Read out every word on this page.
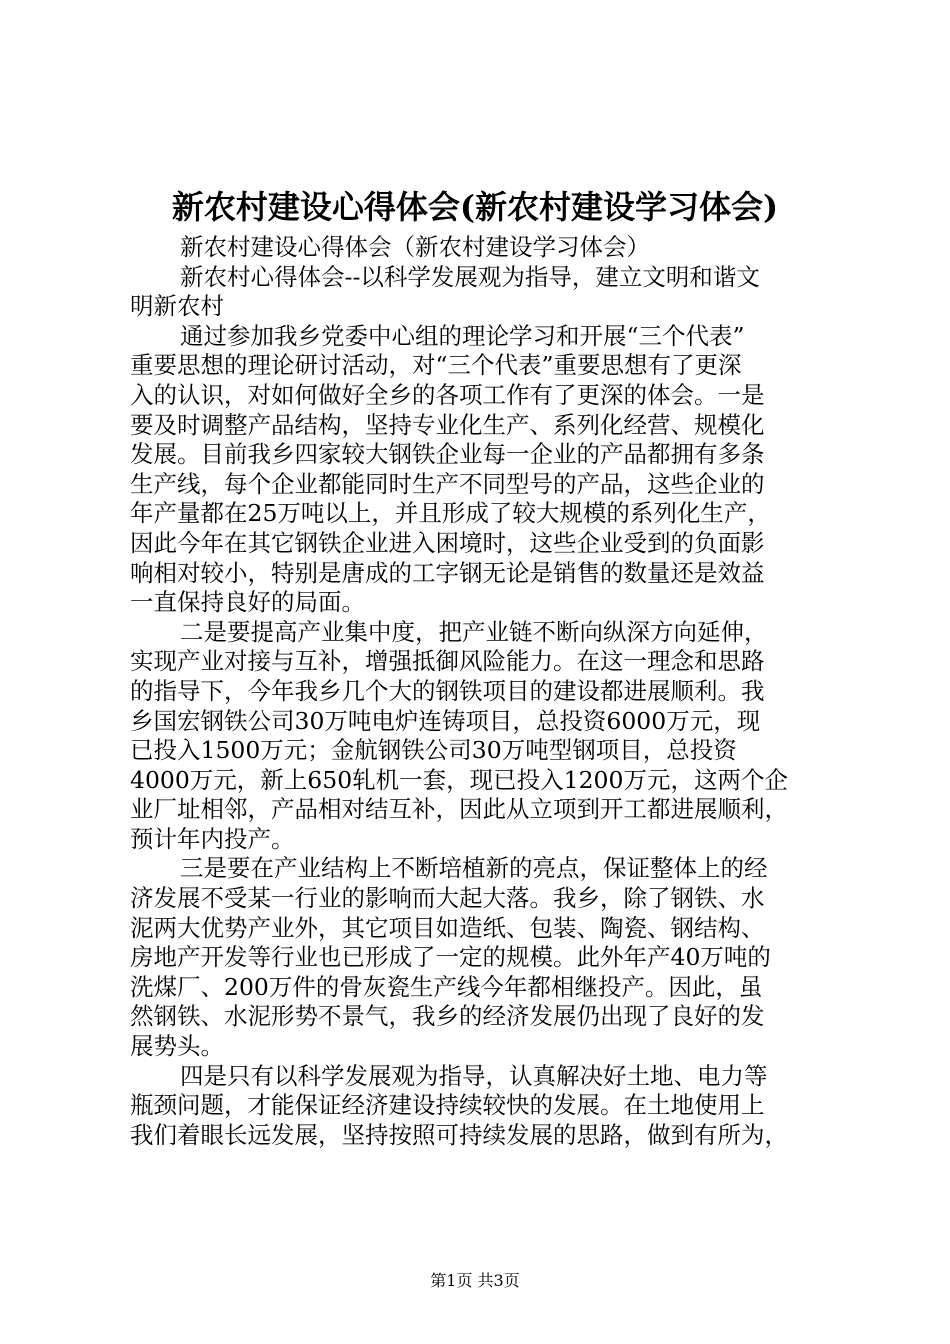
新农村建设心得体会(新农村建设学习体会)
新农村建设心得体会（新农村建设学习体会）
新农村心得体会--以科学发展观为指导，建立文明和谐文
明新农村
通过参加我乡党委中心组的理论学习和开展“三个代表”
重要思想的理论研讨活动，对“三个代表”重要思想有了更深
入的认识，对如何做好全乡的各项工作有了更深的体会。一是
要及时调整产品结构，坚持专业化生产、系列化经营、规模化
发展。目前我乡四家较大钢铁企业每一企业的产品都拥有多条
生产线，每个企业都能同时生产不同型号的产品，这些企业的
年产量都在25万吨以上，并且形成了较大规模的系列化生产，
因此今年在其它钢铁企业进入困境时，这些企业受到的负面影
响相对较小，特别是唐成的工字钢无论是销售的数量还是效益
一直保持良好的局面。
二是要提高产业集中度，把产业链不断向纵深方向延伸，
实现产业对接与互补，增强抵御风险能力。在这一理念和思路
的指导下，今年我乡几个大的钢铁项目的建设都进展顺利。我
乡国宏钢铁公司30万吨电炉连铸项目，总投资6000万元，现
已投入1500万元；金航钢铁公司30万吨型钢项目，总投资
4000万元，新上650轧机一套，现已投入1200万元，这两个企
业厂址相邻，产品相对结互补，因此从立项到开工都进展顺利，
预计年内投产。
三是要在产业结构上不断培植新的亮点，保证整体上的经
济发展不受某一行业的影响而大起大落。我乡，除了钢铁、水
泥两大优势产业外，其它项目如造纸、包装、陶瓷、钢结构、
房地产开发等行业也已形成了一定的规模。此外年产40万吨的
洗煤厂、200万件的骨灰瓷生产线今年都相继投产。因此，虽
然钢铁、水泥形势不景气，我乡的经济发展仍出现了良好的发
展势头。
四是只有以科学发展观为指导，认真解决好土地、电力等
瓶颈问题，才能保证经济建设持续较快的发展。在土地使用上
我们着眼长远发展，坚持按照可持续发展的思路，做到有所为，
第1页 共3页
